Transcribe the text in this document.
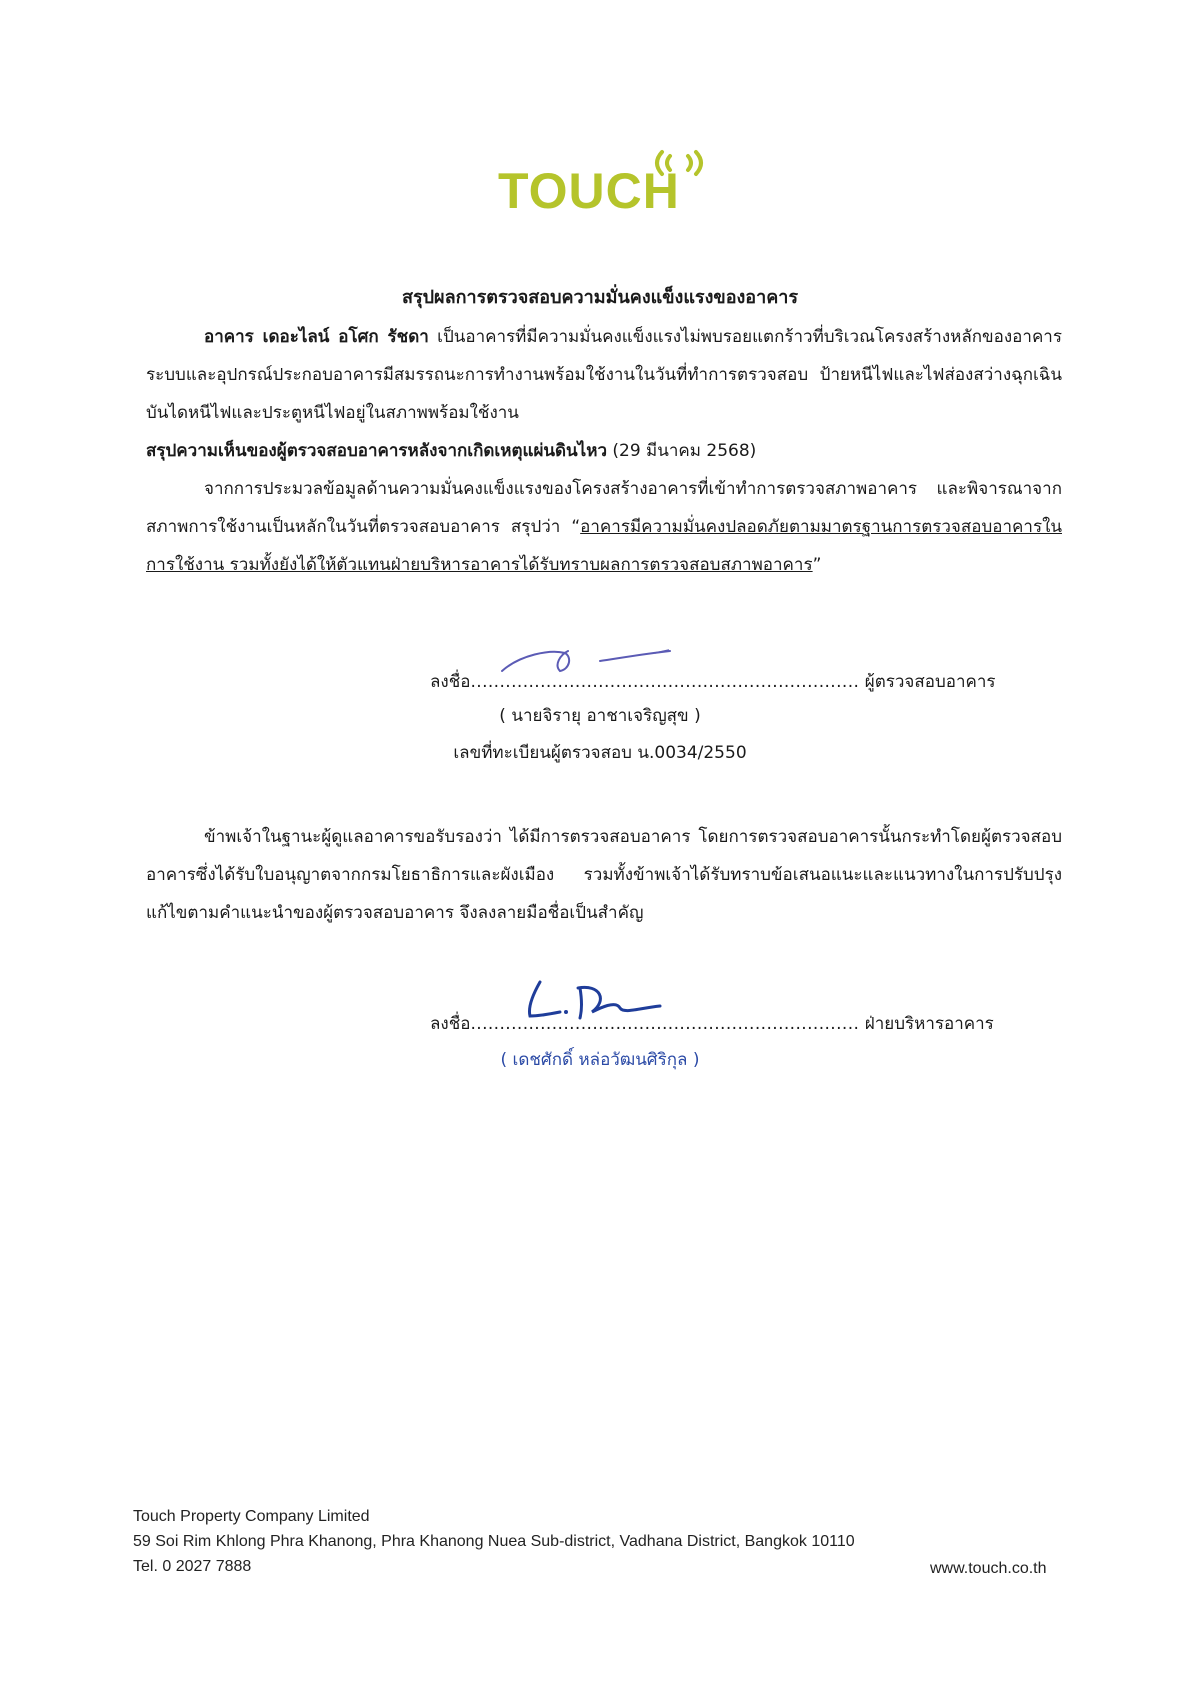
TOUCH

สรุปผลการตรวจสอบความมั่นคงแข็งแรงของอาคาร

อาคาร เดอะไลน์ อโศก รัชดา เป็นอาคารที่มีความมั่นคงแข็งแรงไม่พบรอยแตกร้าวที่บริเวณโครงสร้างหลักของอาคาร ระบบและอุปกรณ์ประกอบอาคารมีสมรรถนะการทำงานพร้อมใช้งานในวันที่ทำการตรวจสอบ ป้ายหนีไฟและไฟส่องสว่างฉุกเฉิน บันไดหนีไฟและประตูหนีไฟอยู่ในสภาพพร้อมใช้งาน

สรุปความเห็นของผู้ตรวจสอบอาคารหลังจากเกิดเหตุแผ่นดินไหว (29 มีนาคม 2568)

จากการประมวลข้อมูลด้านความมั่นคงแข็งแรงของโครงสร้างอาคารที่เข้าทำการตรวจสภาพอาคาร และพิจารณาจากสภาพการใช้งานเป็นหลักในวันที่ตรวจสอบอาคาร สรุปว่า “อาคารมีความมั่นคงปลอดภัยตามมาตรฐานการตรวจสอบอาคารในการใช้งาน รวมทั้งยังได้ให้ตัวแทนฝ่ายบริหารอาคารได้รับทราบผลการตรวจสอบสภาพอาคาร”

ลงชื่อ................................................................... ผู้ตรวจสอบอาคาร
( นายจิรายุ อาชาเจริญสุข )
เลขที่ทะเบียนผู้ตรวจสอบ น.0034/2550

ข้าพเจ้าในฐานะผู้ดูแลอาคารขอรับรองว่า ได้มีการตรวจสอบอาคาร โดยการตรวจสอบอาคารนั้นกระทำโดยผู้ตรวจสอบอาคารซึ่งได้รับใบอนุญาตจากกรมโยธาธิการและผังเมือง รวมทั้งข้าพเจ้าได้รับทราบข้อเสนอแนะและแนวทางในการปรับปรุงแก้ไขตามคำแนะนำของผู้ตรวจสอบอาคาร จึงลงลายมือชื่อเป็นสำคัญ

ลงชื่อ................................................................... ฝ่ายบริหารอาคาร
( เดชศักดิ์ หล่อวัฒนศิริกุล )
Touch Property Company Limited
59 Soi Rim Khlong Phra Khanong, Phra Khanong Nuea Sub-district, Vadhana District, Bangkok 10110
Tel. 0 2027 7888	www.touch.co.th
